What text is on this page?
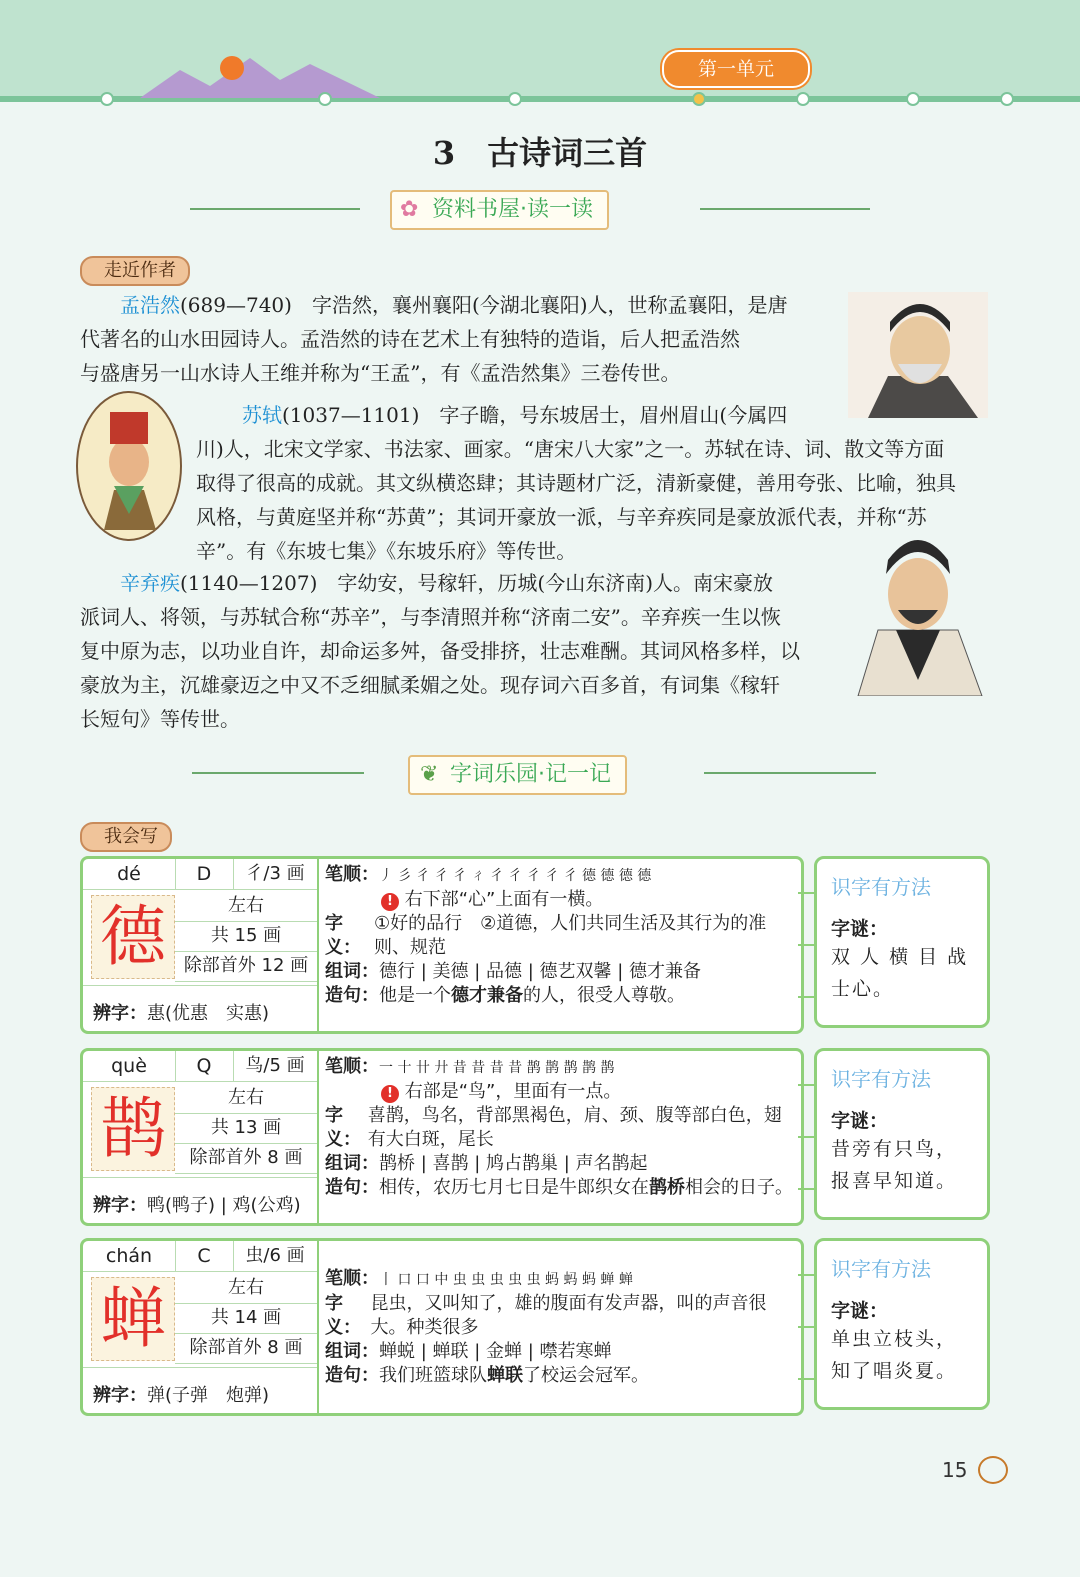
第一单元
3　古诗词三首
✿ 资料书屋·读一读
走近作者
孟浩然(689—740)　字浩然，襄州襄阳(今湖北襄阳)人，世称孟襄阳，是唐
代著名的山水田园诗人。孟浩然的诗在艺术上有独特的造诣，后人把孟浩然
与盛唐另一山水诗人王维并称为“王孟”，有《孟浩然集》三卷传世。
苏轼(1037—1101)　字子瞻，号东坡居士，眉州眉山(今属四
川)人，北宋文学家、书法家、画家。“唐宋八大家”之一。苏轼在诗、词、散文等方面
取得了很高的成就。其文纵横恣肆；其诗题材广泛，清新豪健，善用夸张、比喻，独具
风格，与黄庭坚并称“苏黄”；其词开豪放一派，与辛弃疾同是豪放派代表，并称“苏
辛”。有《东坡七集》《东坡乐府》等传世。
辛弃疾(1140—1207)　字幼安，号稼轩，历城(今山东济南)人。南宋豪放
派词人、将领，与苏轼合称“苏辛”，与李清照并称“济南二安”。辛弃疾一生以恢
复中原为志，以功业自许，却命运多舛，备受排挤，壮志难酬。其词风格多样，以
豪放为主，沉雄豪迈之中又不乏细腻柔媚之处。现存词六百多首，有词集《稼轩
长短句》等传世。
❦ 字词乐园·记一记
我会写
dé	D	彳/3 画
德	左右
共 15 画
除部首外 12 画
辨字：惠(优惠　实惠)
笔顺：丿 彡 彳 彳 彳 ㄔ 彳 彳 彳 彳 彳 德 德 德 德
! 右下部“心”上面有一横。
字义：
①好的品行　②道德，人们共同生活及其行为的准则、规范
组词：德行 | 美德 | 品德 | 德艺双馨 | 德才兼备
造句：他是一个德才兼备的人，很受人尊敬。
识字有方法
字谜：
双 人 横 目 战
士心。
què	Q	鸟/5 画
鹊	左右
共 13 画
除部首外 8 画
辨字：鸭(鸭子) | 鸡(公鸡)
笔顺：一 十 卄 廾 昔 昔 昔 昔 鹊 鹊 鹊 鹊 鹊
! 右部是“鸟”，里面有一点。
字义：
喜鹊，鸟名，背部黑褐色，肩、颈、腹等部白色，翅有大白斑，尾长
组词：鹊桥 | 喜鹊 | 鸠占鹊巢 | 声名鹊起
造句： 相传，农历七月七日是牛郎织女在鹊桥相会的日子。
识字有方法
字谜：
昔旁有只鸟，
报喜早知道。
chán	C	虫/6 画
蝉	左右
共 14 画
除部首外 8 画
辨字：弹(子弹　炮弹)
笔顺：丨 口 口 中 虫 虫 虫 虫 虫 蚂 蚂 蚂 蝉 蝉
字义：
昆虫，又叫知了，雄的腹面有发声器，叫的声音很大。种类很多
组词：蝉蜕 | 蝉联 | 金蝉 | 噤若寒蝉
造句：我们班篮球队蝉联了校运会冠军。
识字有方法
字谜：
单虫立枝头，
知了唱炎夏。
15
